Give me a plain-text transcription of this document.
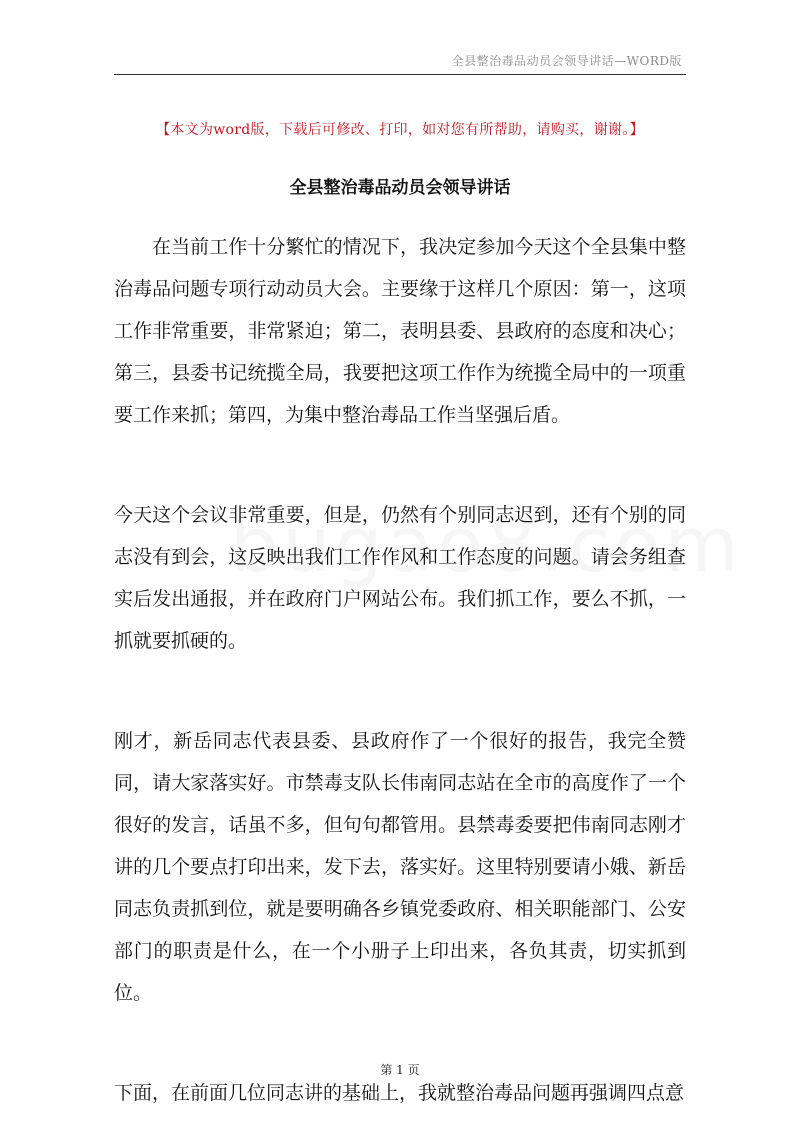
全县整治毒品动员会领导讲话—WORD版
【本文为word版，下载后可修改、打印，如对您有所帮助，请购买，谢谢。】
全县整治毒品动员会领导讲话

在当前工作十分繁忙的情况下，我决定参加今天这个全县集中整治毒品问题专项行动动员大会。主要缘于这样几个原因：第一，这项工作非常重要，非常紧迫；第二，表明县委、县政府的态度和决心；第三，县委书记统揽全局，我要把这项工作作为统揽全局中的一项重要工作来抓；第四，为集中整治毒品工作当坚强后盾。

今天这个会议非常重要，但是，仍然有个别同志迟到，还有个别的同志没有到会，这反映出我们工作作风和工作态度的问题。请会务组查实后发出通报，并在政府门户网站公布。我们抓工作，要么不抓，一抓就要抓硬的。

刚才，新岳同志代表县委、县政府作了一个很好的报告，我完全赞同，请大家落实好。市禁毒支队长伟南同志站在全市的高度作了一个很好的发言，话虽不多，但句句都管用。县禁毒委要把伟南同志刚才讲的几个要点打印出来，发下去，落实好。这里特别要请小娥、新岳同志负责抓到位，就是要明确各乡镇党委政府、相关职能部门、公安部门的职责是什么，在一个小册子上印出来，各负其责，切实抓到位。

下面，在前面几位同志讲的基础上，我就整治毒品问题再强调四点意

第 1 页
